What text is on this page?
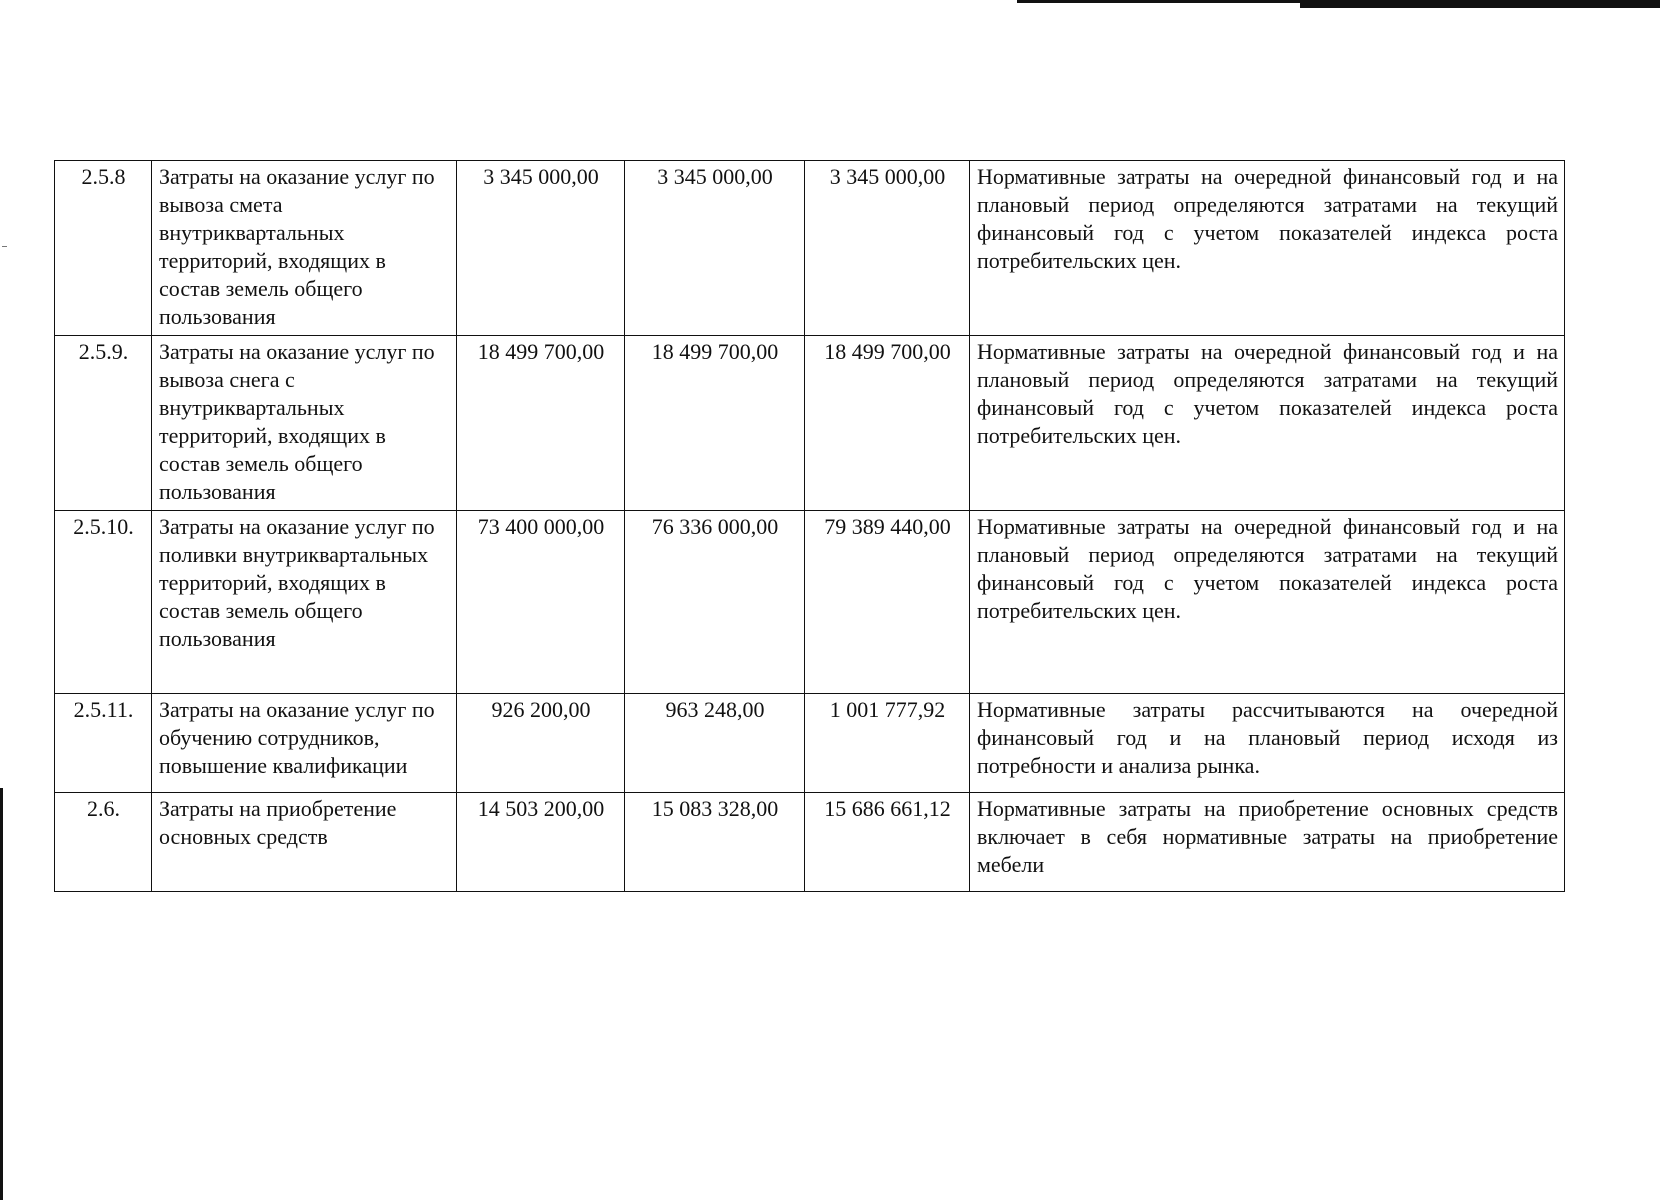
2.5.8	Затраты на оказание услуг по вывоза смета внутриквартальных территорий, входящих в состав земель общего пользования	3 345 000,00	3 345 000,00	3 345 000,00	Нормативные затраты на очередной финансовый год и на плановый период определяются затратами на текущий финансовый год с учетом показателей индекса роста потребительских цен.
2.5.9.	Затраты на оказание услуг по вывоза снега с внутриквартальных территорий, входящих в состав земель общего пользования	18 499 700,00	18 499 700,00	18 499 700,00	Нормативные затраты на очередной финансовый год и на плановый период определяются затратами на текущий финансовый год с учетом показателей индекса роста потребительских цен.
2.5.10.	Затраты на оказание услуг по поливки внутриквартальных территорий, входящих в состав земель общего пользования	73 400 000,00	76 336 000,00	79 389 440,00	Нормативные затраты на очередной финансовый год и на плановый период определяются затратами на текущий финансовый год с учетом показателей индекса роста потребительских цен.
2.5.11.	Затраты на оказание услуг по обучению сотрудников, повышение квалификации	926 200,00	963 248,00	1 001 777,92	Нормативные затраты рассчитываются на очередной финансовый год и на плановый период исходя из потребности и анализа рынка.
2.6.	Затраты на приобретение основных средств	14 503 200,00	15 083 328,00	15 686 661,12	Нормативные затраты на приобретение основных средств включает в себя нормативные затраты на приобретение мебели
